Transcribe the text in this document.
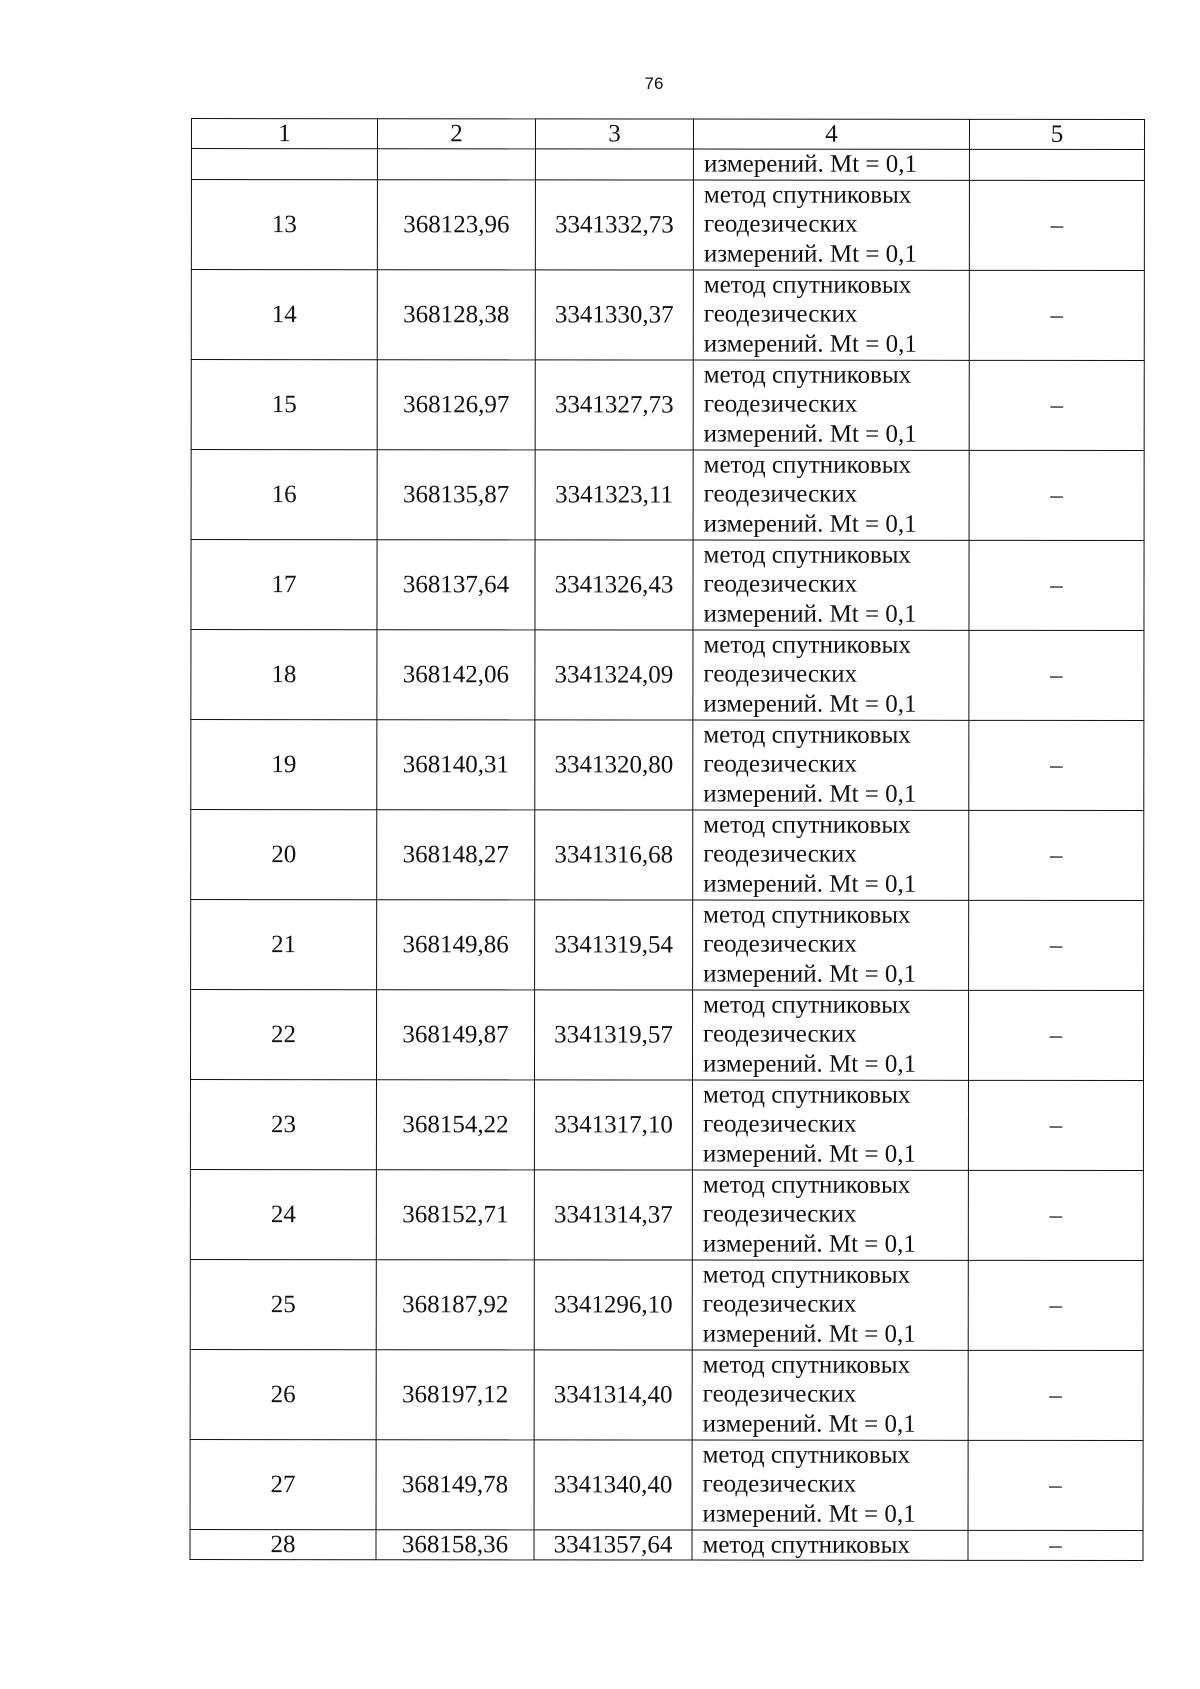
76
1	2	3	4	5
			измерений. Mt = 0,1	
13	368123,96	3341332,73	метод спутниковых
геодезических
измерений. Mt = 0,1	–
14	368128,38	3341330,37	метод спутниковых
геодезических
измерений. Mt = 0,1	–
15	368126,97	3341327,73	метод спутниковых
геодезических
измерений. Mt = 0,1	–
16	368135,87	3341323,11	метод спутниковых
геодезических
измерений. Mt = 0,1	–
17	368137,64	3341326,43	метод спутниковых
геодезических
измерений. Mt = 0,1	–
18	368142,06	3341324,09	метод спутниковых
геодезических
измерений. Mt = 0,1	–
19	368140,31	3341320,80	метод спутниковых
геодезических
измерений. Mt = 0,1	–
20	368148,27	3341316,68	метод спутниковых
геодезических
измерений. Mt = 0,1	–
21	368149,86	3341319,54	метод спутниковых
геодезических
измерений. Mt = 0,1	–
22	368149,87	3341319,57	метод спутниковых
геодезических
измерений. Mt = 0,1	–
23	368154,22	3341317,10	метод спутниковых
геодезических
измерений. Mt = 0,1	–
24	368152,71	3341314,37	метод спутниковых
геодезических
измерений. Mt = 0,1	–
25	368187,92	3341296,10	метод спутниковых
геодезических
измерений. Mt = 0,1	–
26	368197,12	3341314,40	метод спутниковых
геодезических
измерений. Mt = 0,1	–
27	368149,78	3341340,40	метод спутниковых
геодезических
измерений. Mt = 0,1	–
28	368158,36	3341357,64	метод спутниковых	–
